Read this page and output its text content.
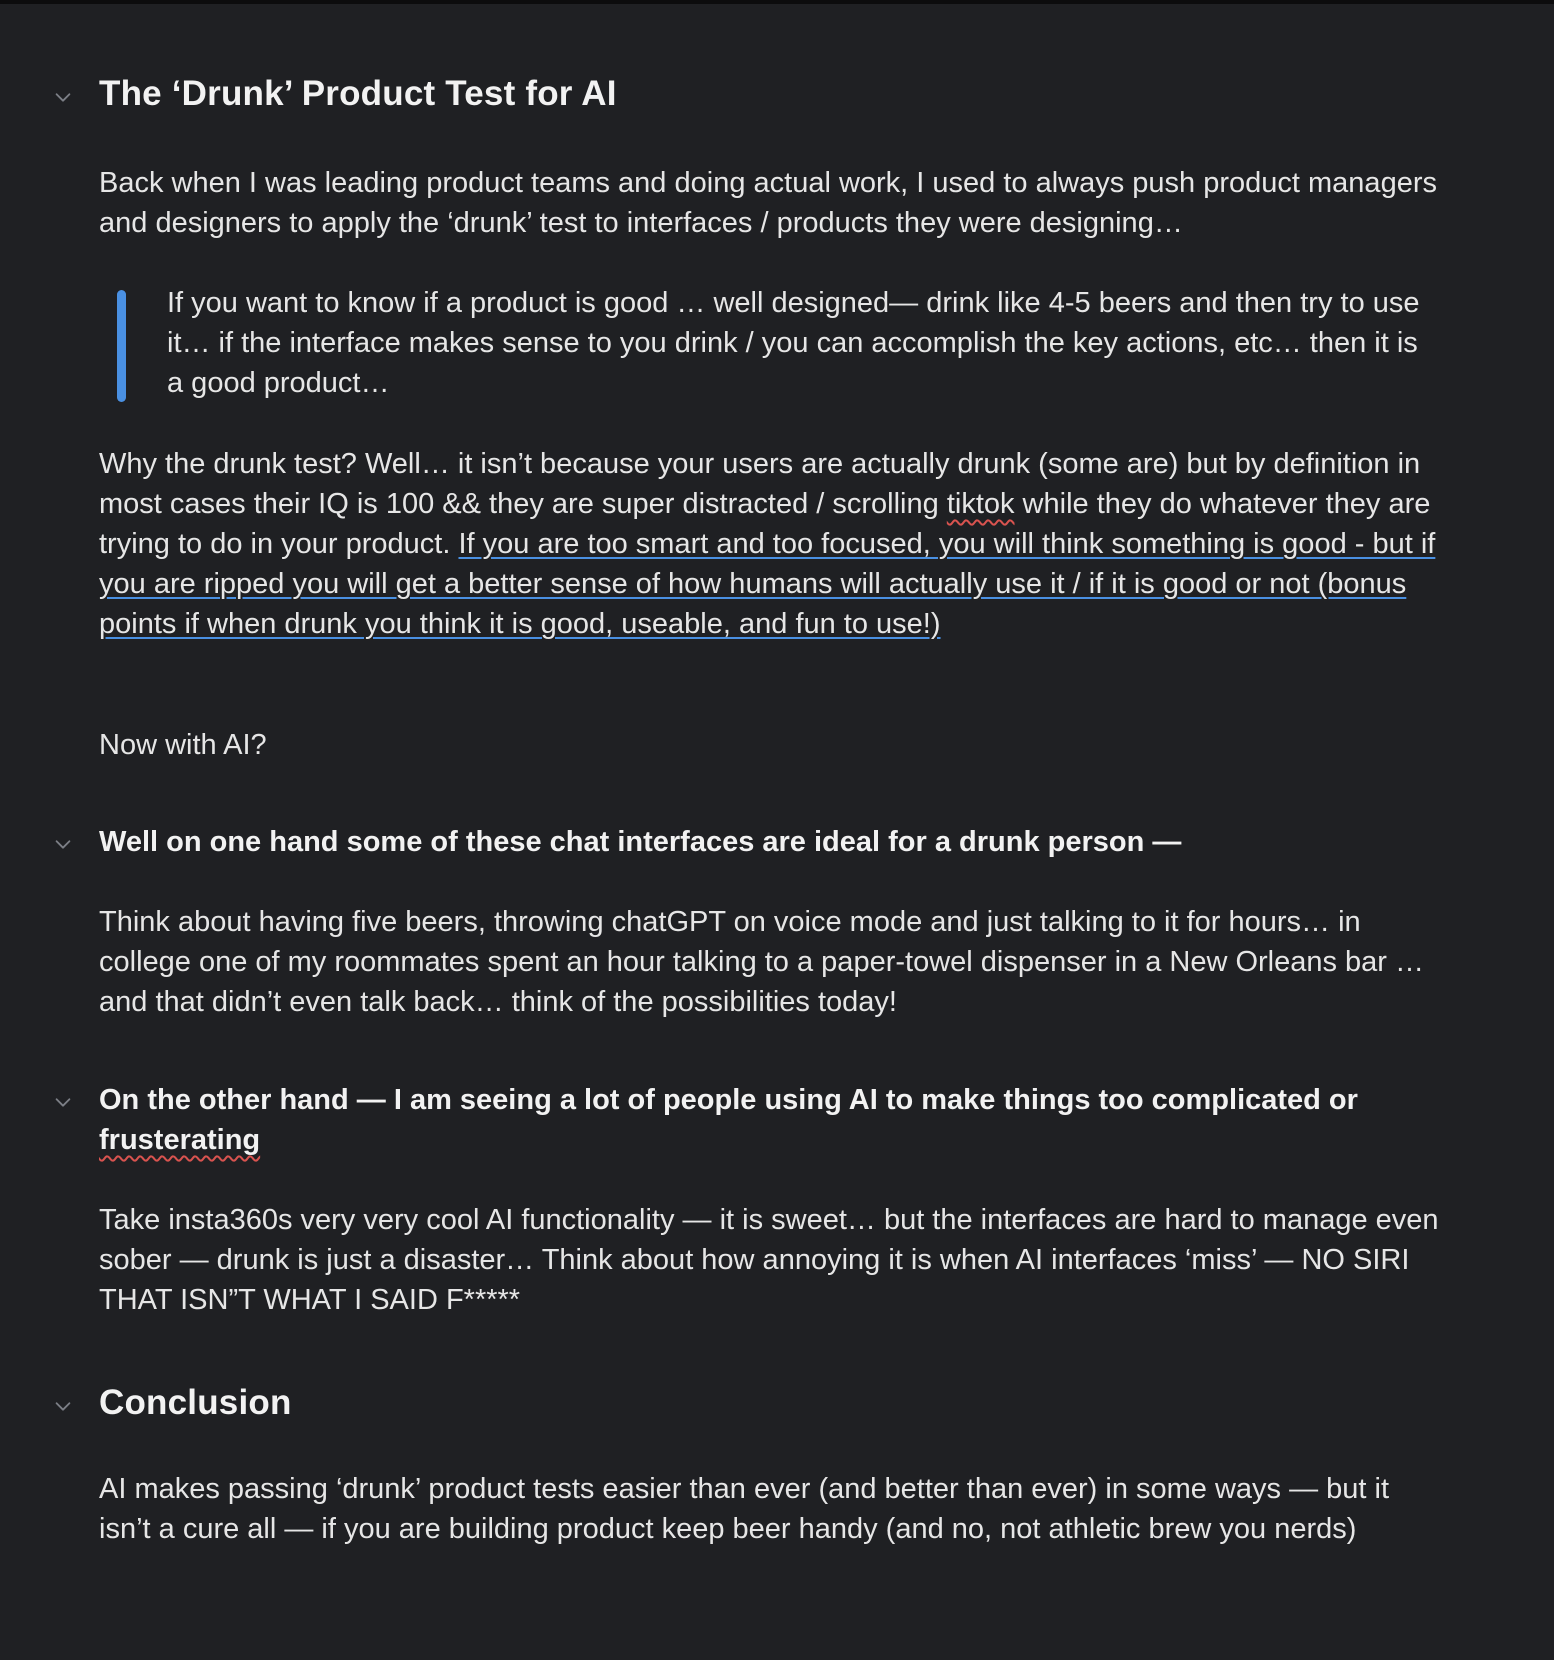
The ‘Drunk’ Product Test for AI

Back when I was leading product teams and doing actual work, I used to always push product managers and designers to apply the ‘drunk’ test to interfaces / products they were designing…

If you want to know if a product is good … well designed— drink like 4-5 beers and then try to use it… if the interface makes sense to you drink / you can accomplish the key actions, etc… then it is a good product…

Why the drunk test? Well… it isn’t because your users are actually drunk (some are) but by definition in most cases their IQ is 100 && they are super distracted / scrolling tiktok while they do whatever they are trying to do in your product. If you are too smart and too focused, you will think something is good - but if you are ripped you will get a better sense of how humans will actually use it / if it is good or not (bonus points if when drunk you think it is good, useable, and fun to use!)

Now with AI?

Well on one hand some of these chat interfaces are ideal for a drunk person —

Think about having five beers, throwing chatGPT on voice mode and just talking to it for hours… in college one of my roommates spent an hour talking to a paper-towel dispenser in a New Orleans bar … and that didn’t even talk back… think of the possibilities today!

On the other hand — I am seeing a lot of people using AI to make things too complicated or frusterating

Take insta360s very very cool AI functionality — it is sweet… but the interfaces are hard to manage even sober — drunk is just a disaster… Think about how annoying it is when AI interfaces ‘miss’ — NO SIRI THAT ISN”T WHAT I SAID F*****

Conclusion

AI makes passing ‘drunk’ product tests easier than ever (and better than ever) in some ways — but it isn’t a cure all — if you are building product keep beer handy (and no, not athletic brew you nerds)
